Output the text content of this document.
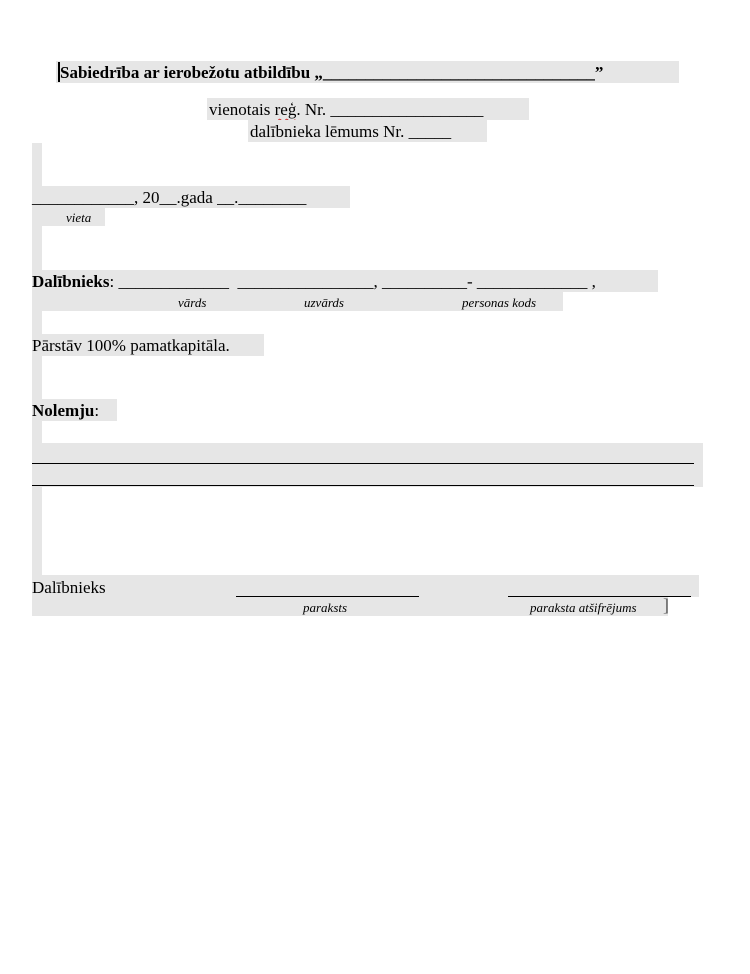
Sabiedrība ar ierobežotu atbildību „________________________________”
vienotais reģ. Nr. __________________
dalībnieka lēmums Nr. _____
____________, 20__.gada __.________
vieta
Dalībnieks: _____________  ________________, __________- _____________ ,
vārds	uzvārds	personas kods
Pārstāv 100% pamatkapitāla.
Nolemju:
Dalībnieks
paraksts	paraksta atšifrējums ]
